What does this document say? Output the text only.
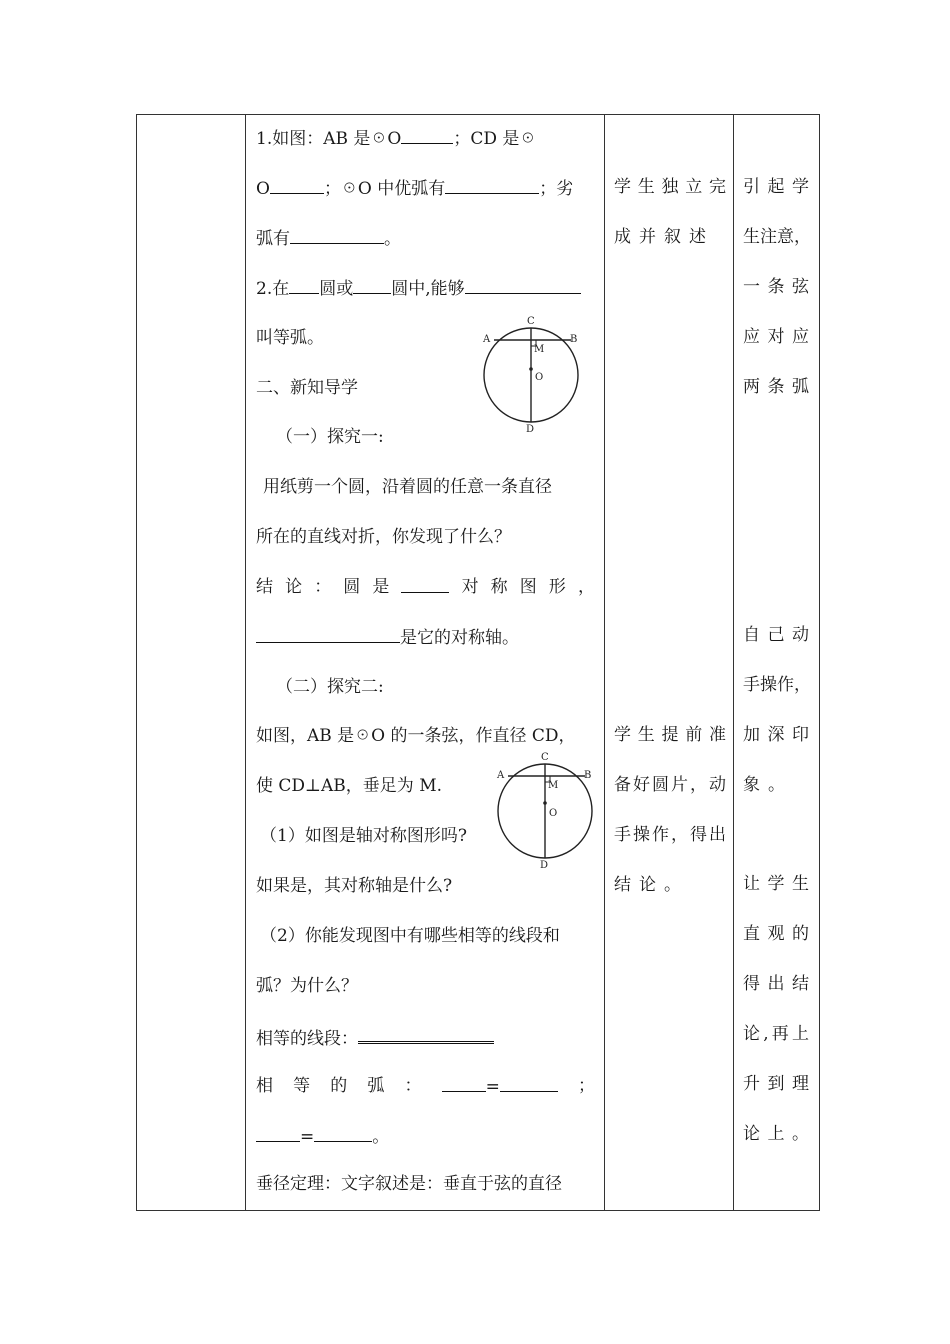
1.如图：AB 是☉O	；CD 是☉
O	；☉O 中优弧有	；劣
弧有	。
2.在 圆或 圆中,能够
叫等弧。	A	B
C
D
M
O
二、新知导学
（一）探究一:
用纸剪一个圆，沿着圆的任意一条直径
所在的直线对折，你发现了什么？
结 论 ： 圆 是	对 称 图 形 ，
是它的对称轴。
（二）探究二:
如图，AB 是☉O 的一条弦，作直径 CD，
使 CD⊥AB，垂足为 M.
A	B
C
D
M
O
（1）如图是轴对称图形吗?
如果是，其对称轴是什么?
（2）你能发现图中有哪些相等的线段和
弧？为什么？
相等的线段：
相 等 的 弧 ：	=	；
=	。
垂径定理：文字叙述是：垂直于弦的直径
学 生 独 立 完
成并叙述
学 生 提 前 准
备 好 圆 片 ， 动
手 操 作 ， 得 出
结论。
引 起 学
生 注 意 ，
一 条 弦
应 对 应
两 条 弧
自 己 动
手 操 作 ，
加 深 印
象。
让 学 生
直 观 的
得 出 结
论 , 再 上
升 到 理
论 上 。
